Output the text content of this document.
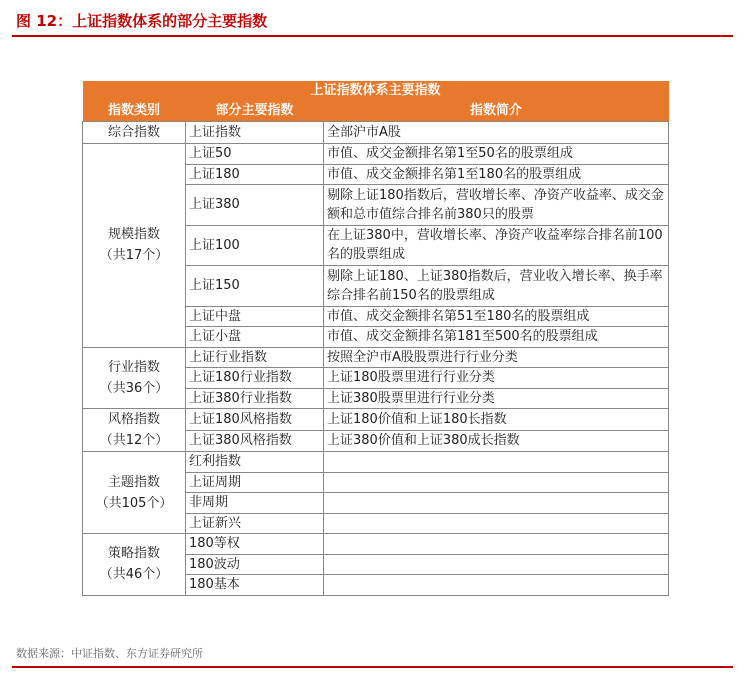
图 12：上证指数体系的部分主要指数
上证指数体系主要指数		
指数类别	部分主要指数	指数简介
综合指数	上证指数	全部沪市A股

规模指数
（共17个）	上证50	市值、成交金额排名第1至50名的股票组成
	上证180	市值、成交金额排名第1至180名的股票组成
	上证380	剔除上证180指数后，营收增长率、净资产收益率、成交金额和总市值综合排名前380只的股票
	上证100	在上证380中，营收增长率、净资产收益率综合排名前100名的股票组成
	上证150	剔除上证180、上证380指数后，营业收入增长率、换手率综合排名前150名的股票组成
	上证中盘	市值、成交金额排名第51至180名的股票组成
	上证小盘	市值、成交金额排名第181至500名的股票组成

行业指数
（共36个）	上证行业指数	按照全沪市A股股票进行行业分类
	上证180行业指数	上证180股票里进行行业分类
	上证380行业指数	上证380股票里进行行业分类

风格指数
（共12个）	上证180风格指数	上证180价值和上证180长指数
	上证380风格指数	上证380价值和上证380成长指数

主题指数
（共105个）	红利指数	
	上证周期	
	非周期	
	上证新兴	

策略指数
（共46个）	180等权	
	180波动	
	180基本	
数据来源：中证指数、东方证券研究所
